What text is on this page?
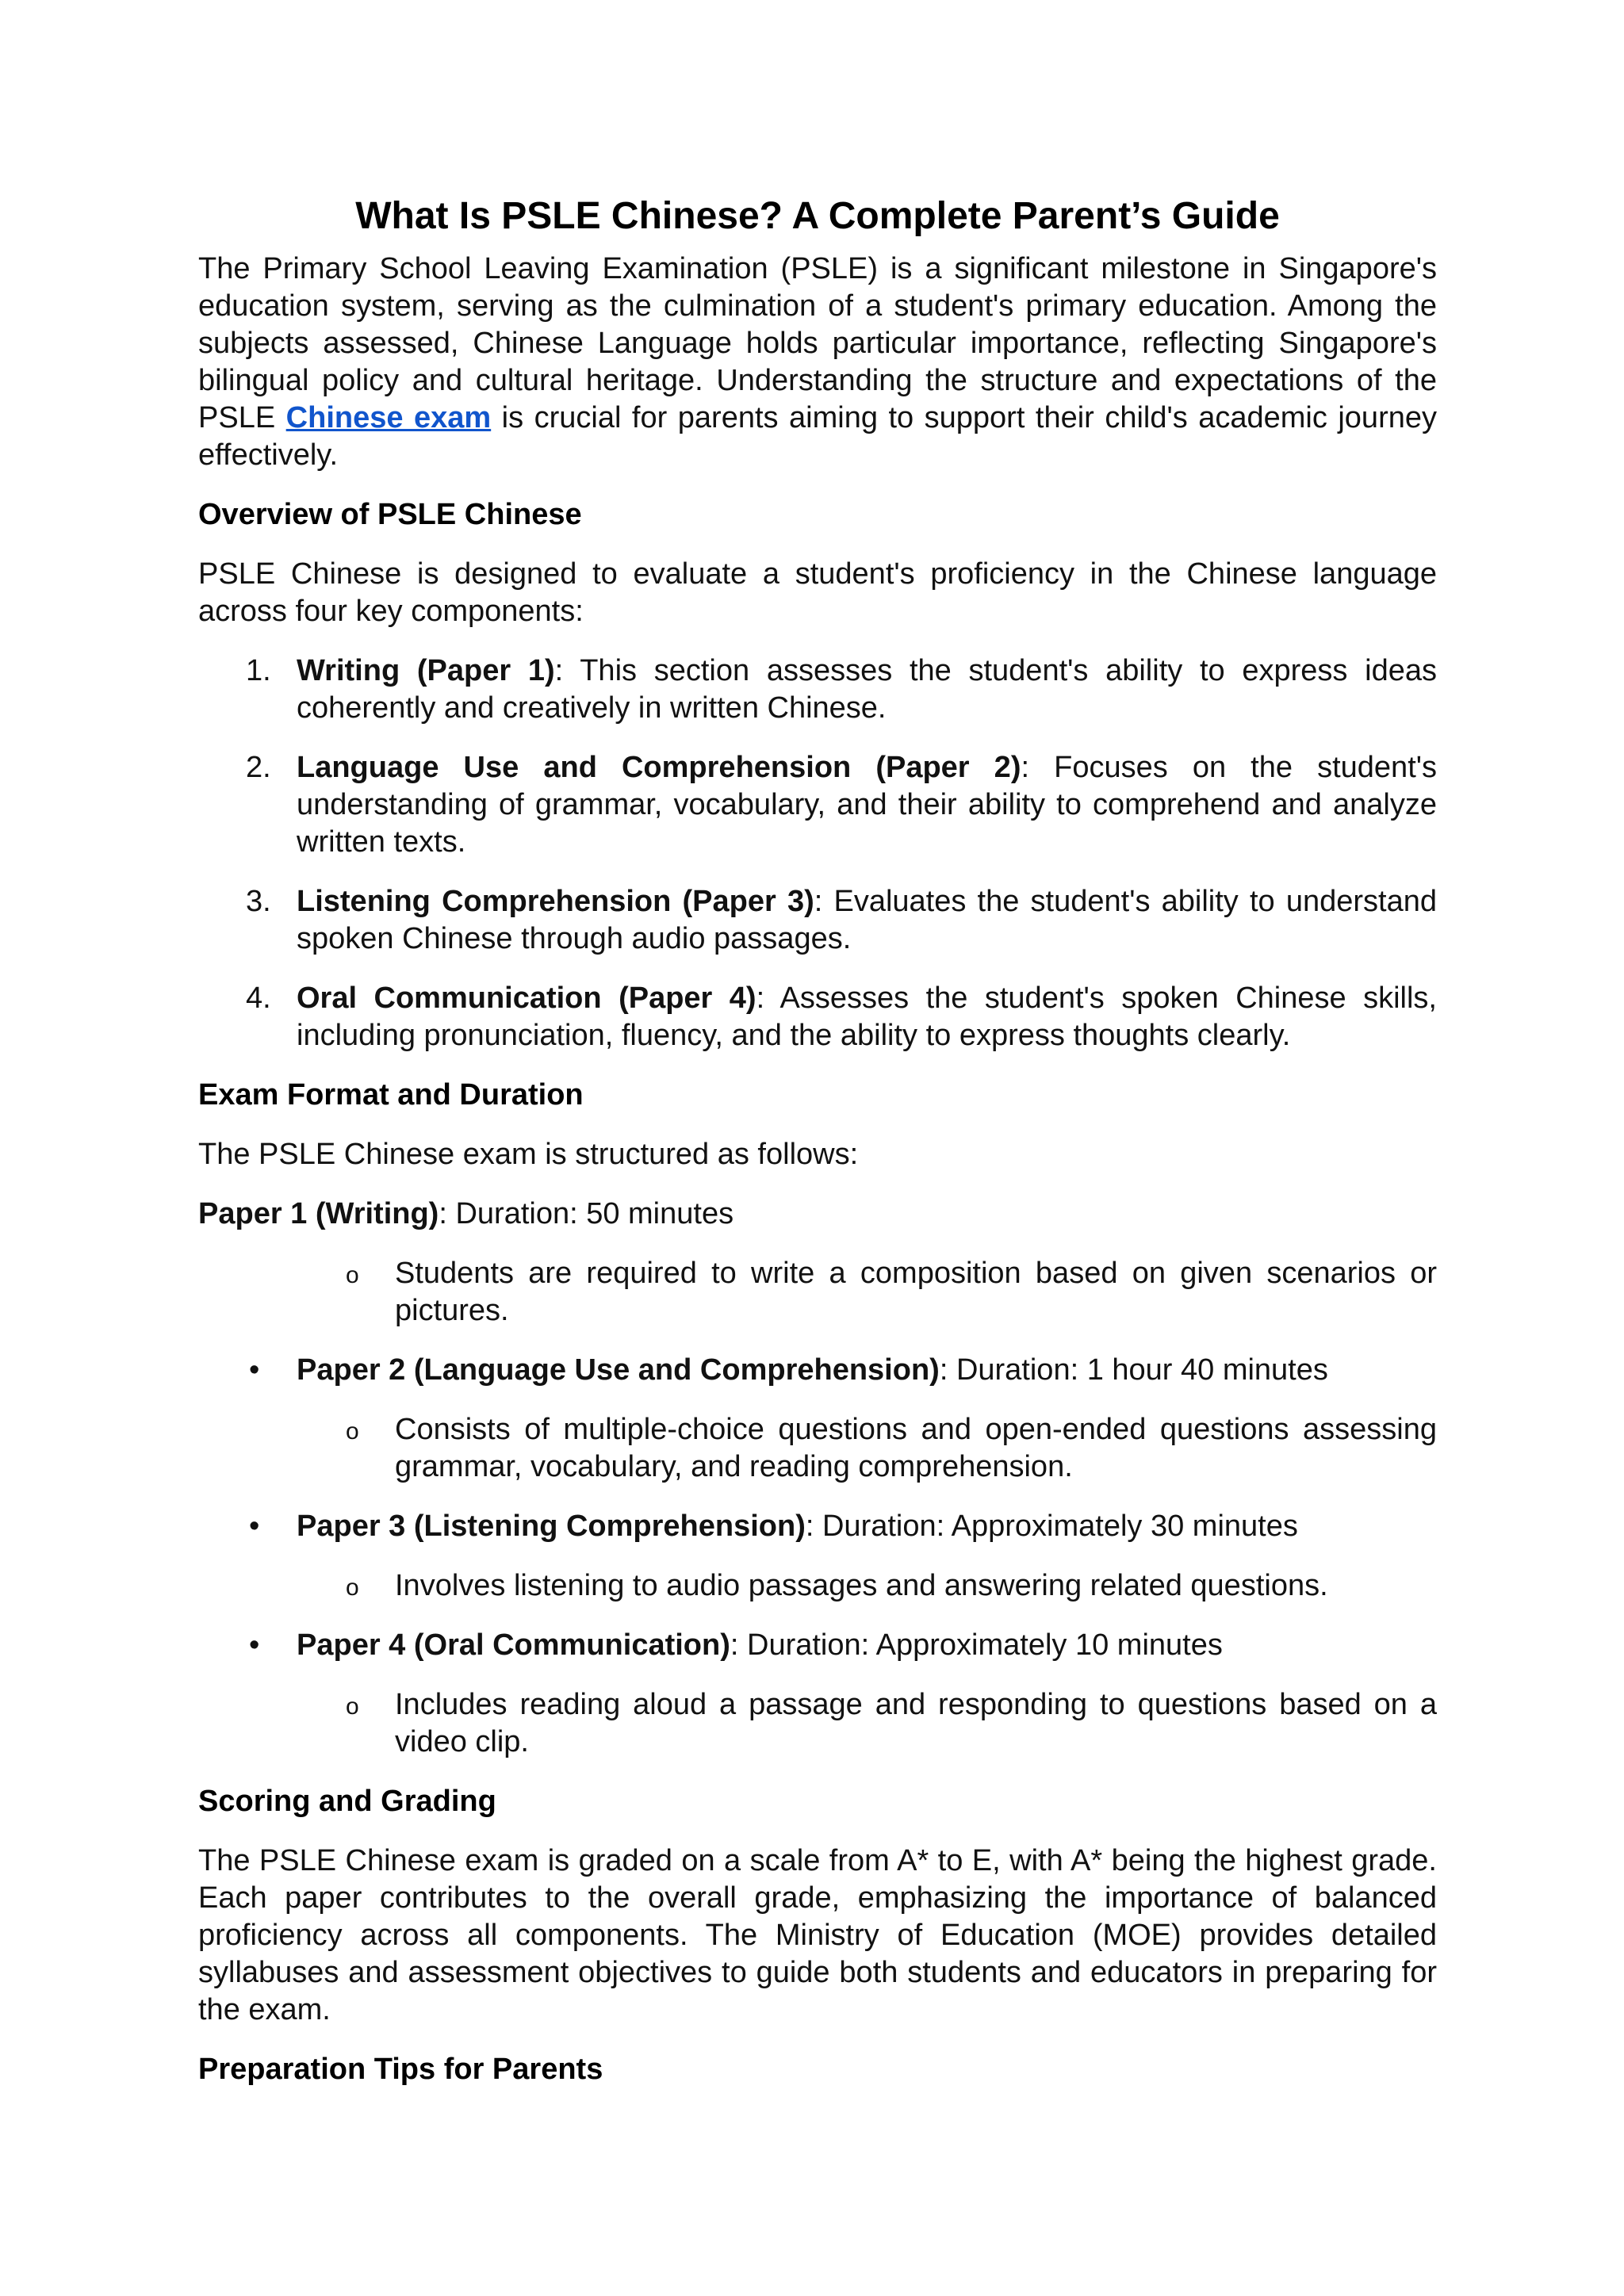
What Is PSLE Chinese? A Complete Parent’s Guide

The Primary School Leaving Examination (PSLE) is a significant milestone in Singapore's education system, serving as the culmination of a student's primary education. Among the subjects assessed, Chinese Language holds particular importance, reflecting Singapore's bilingual policy and cultural heritage. Understanding the structure and expectations of the PSLE Chinese exam is crucial for parents aiming to support their child's academic journey effectively.

Overview of PSLE Chinese

PSLE Chinese is designed to evaluate a student's proficiency in the Chinese language across four key components:

1. Writing (Paper 1): This section assesses the student's ability to express ideas coherently and creatively in written Chinese.
2. Language Use and Comprehension (Paper 2): Focuses on the student's understanding of grammar, vocabulary, and their ability to comprehend and analyze written texts.
3. Listening Comprehension (Paper 3): Evaluates the student's ability to understand spoken Chinese through audio passages.
4. Oral Communication (Paper 4): Assesses the student's spoken Chinese skills, including pronunciation, fluency, and the ability to express thoughts clearly.
Exam Format and Duration

The PSLE Chinese exam is structured as follows:

Paper 1 (Writing): Duration: 50 minutes

o Students are required to write a composition based on given scenarios or pictures.
• Paper 2 (Language Use and Comprehension): Duration: 1 hour 40 minutes
o Consists of multiple-choice questions and open-ended questions assessing grammar, vocabulary, and reading comprehension.
• Paper 3 (Listening Comprehension): Duration: Approximately 30 minutes
o Involves listening to audio passages and answering related questions.
• Paper 4 (Oral Communication): Duration: Approximately 10 minutes
o Includes reading aloud a passage and responding to questions based on a video clip.
Scoring and Grading

The PSLE Chinese exam is graded on a scale from A* to E, with A* being the highest grade. Each paper contributes to the overall grade, emphasizing the importance of balanced proficiency across all components. The Ministry of Education (MOE) provides detailed syllabuses and assessment objectives to guide both students and educators in preparing for the exam.

Preparation Tips for Parents
